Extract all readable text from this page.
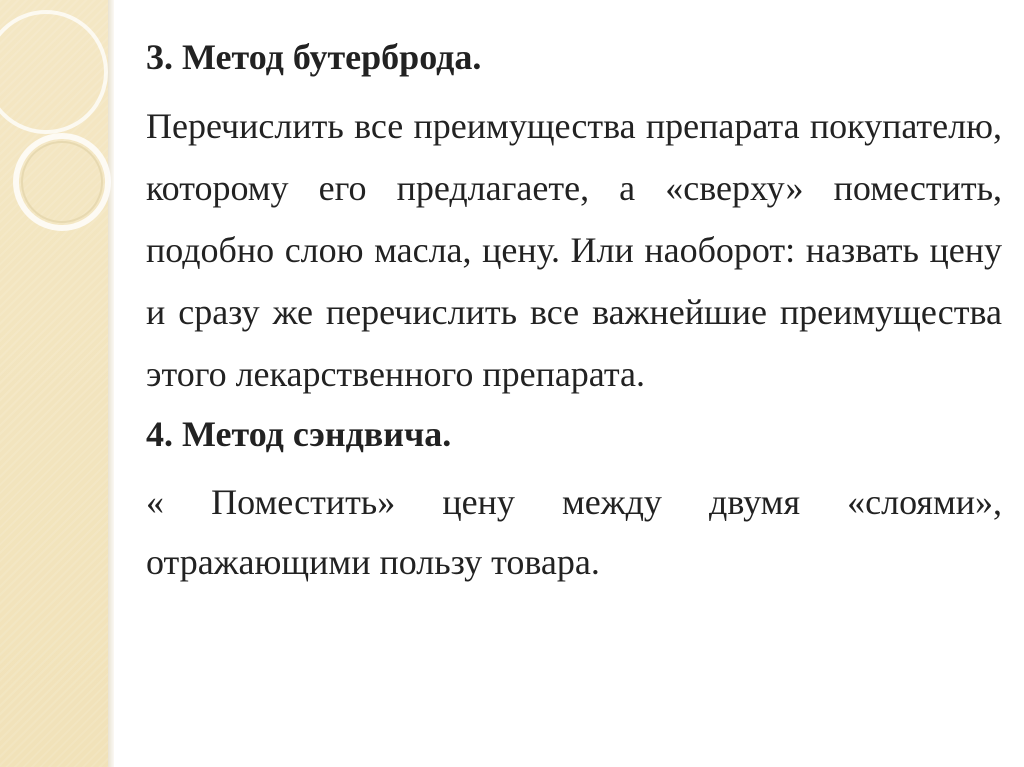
3. Метод бутерброда.
Перечислить все преимущества препарата покупателю, которому его предлагаете, а «сверху» поместить, подобно слою масла, цену. Или наоборот: назвать цену и сразу же перечислить все важнейшие преимущества этого лекарственного препарата.
4. Метод сэндвича.
« Поместить» цену между двумя «слоями», отражающими пользу товара.
